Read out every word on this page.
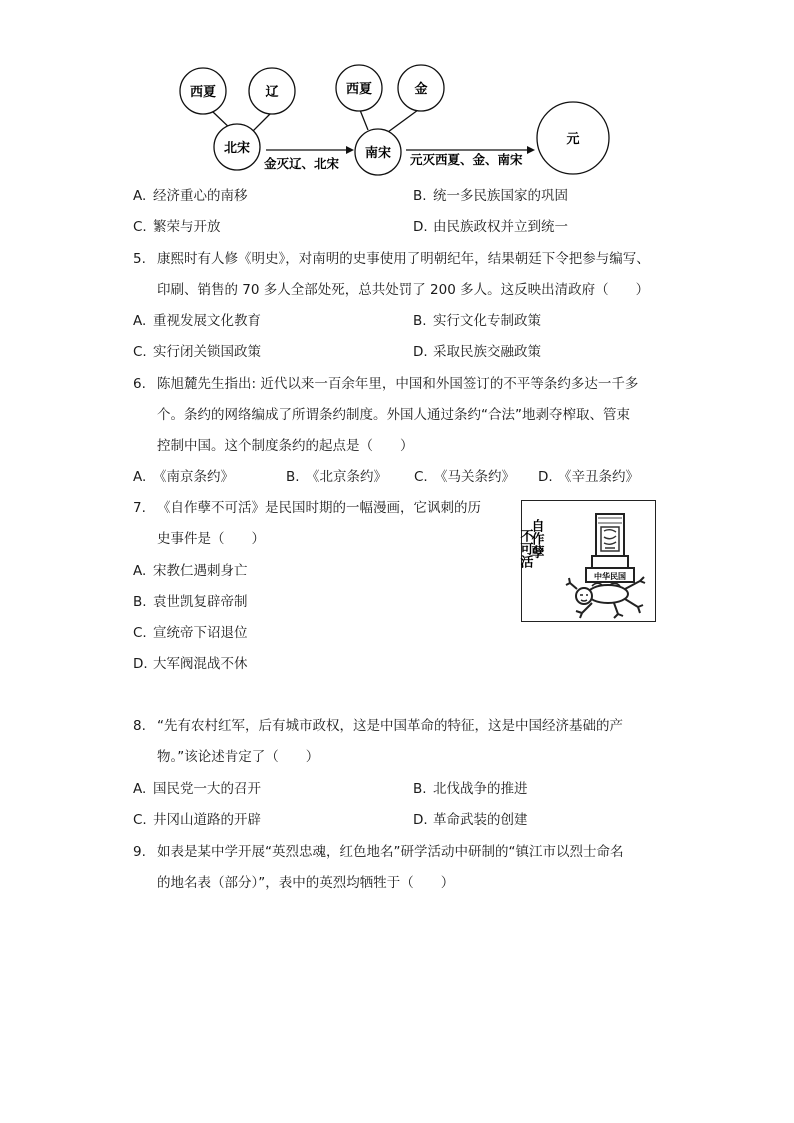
西夏	辽
北宋
西夏	金
南宋
元
金灭辽、北宋	元灭西夏、金、南宋
A. 经济重心的南移	B. 统一多民族国家的巩固
C. 繁荣与开放	D. 由民族政权并立到统一
5. 康熙时有人修《明史》，对南明的史事使用了明朝纪年，结果朝廷下令把参与编写、
印刷、销售的 70 多人全部处死，总共处罚了 200 多人。这反映出清政府（　　）
A. 重视发展文化教育	B. 实行文化专制政策
C. 实行闭关锁国政策	D. 采取民族交融政策
6. 陈旭麓先生指出: 近代以来一百余年里，中国和外国签订的不平等条约多达一千多
个。条约的网络编成了所谓条约制度。外国人通过条约“合法”地剥夺榨取、管束
控制中国。这个制度条约的起点是（　　）
A. 《南京条约》	B. 《北京条约》 C. 《马关条约》 D. 《辛丑条约》
7. 《自作孽不可活》是民国时期的一幅漫画，它讽刺的历
史事件是（　　）
A. 宋教仁遇刺身亡
B. 袁世凯复辟帝制
C. 宣统帝下诏退位
D. 大军阀混战不休
自作孽
不可活
中华民国
8. “先有农村红军，后有城市政权，这是中国革命的特征，这是中国经济基础的产
物。”该论述肯定了（　　）
A. 国民党一大的召开	B. 北伐战争的推进
C. 井冈山道路的开辟	D. 革命武装的创建
9. 如表是某中学开展“英烈忠魂，红色地名”研学活动中研制的“镇江市以烈士命名
的地名表（部分）”，表中的英烈均牺牲于（　　）
